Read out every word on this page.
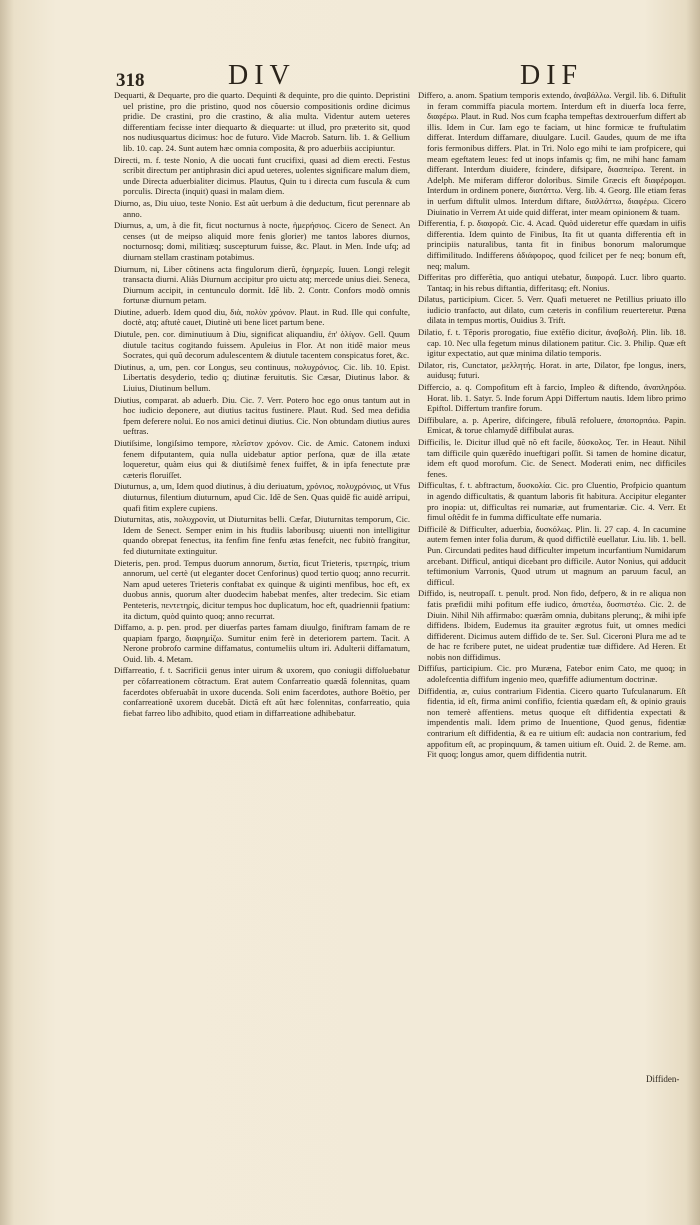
318	DIV	DIF

Dequarti, & Dequarte, pro die quarto. Dequinti & dequinte, pro die quinto. Depristini uel pristine, pro die pristino, quod nos cõuersio compositionis ordine dicimus pridie. De crastini, pro die crastino, & alia multa. Videntur autem ueteres differentiam fecisse inter diequarto & diequarte: ut illud, pro præterito sit, quod nos nudiusquartus dicimus: hoc de futuro. Vide Macrob. Saturn. lib. 1. & Gellium lib. 10. cap. 24. Sunt autem hæc omnia composita, & pro aduerbiis accipiuntur.

Directi, m. f. teste Nonio, A die uocati funt crucifixi, quasi ad diem erecti. Festus scribit directum per antiphrasin dici apud ueteres, uolentes significare malum diem, unde Directa aduerbialiter dicimus. Plautus, Quin tu i directa cum fuscula & cum porculis. Directa (inquit) quasi in malam diem.

Diurno, as, Diu uiuo, teste Nonio. Est aũt uerbum à die deductum, ficut perennare ab anno.

Diurnus, a, um, à die fit, ficut nocturnus à nocte, ἡμερήσιος. Cicero de Senect. An censes (ut de meipso aliquid more fenis glorier) me tantos labores diurnos, nocturnosq; domi, militiæq; suscepturum fuisse, &c. Plaut. in Men. Inde ufq; ad diurnam stellam crastinam potabimus.

Diurnum, ni, Liber cõtinens acta fingulorum dierũ, ἐφημερίς. Iuuen. Longi relegit transacta diurni. Aliàs Diurnum accipitur pro uictu atq; mercede unius diei. Seneca, Diurnum accipit, in centunculo dormit. Idē lib. 2. Contr. Confors modò omnis fortunæ diurnum petam.

Diutine, aduerb. Idem quod diu, διὰ, πολὺν χρόνον. Plaut. in Rud. Ille qui confulte, doctè, atq; aftutè cauet, Diutinè uti bene licet partum bene.

Diutule, pen. cor. diminutiuum à Diu, significat aliquandiu, ἐπ' ὀλίγον. Gell. Quum diutule tacitus cogitando fuissem. Apuleius in Flor. At non itidē maior meus Socrates, qui quũ decorum adulescentem & diutule tacentem conspicatus foret, &c.

Diutinus, a, um, pen. cor Longus, seu continuus, πολυχρόνιος. Cic. lib. 10. Epist. Libertatis desyderio, tedio q; diutinæ feruitutis. Sic Cæsar, Diutinus labor. & Liuius, Diutinum bellum.

Diutius, comparat. ab aduerb. Diu. Cic. 7. Verr. Potero hoc ego onus tantum aut in hoc iudicio deponere, aut diutius tacitus fustinere. Plaut. Rud. Sed mea defidia fpem deferere nolui. Eo nos amici detinui diutius. Cic. Non obtundam diutius aures ueftras.

Diutiſsime, longiſsimo tempore, πλεῖστον χρόνον. Cic. de Amic. Catonem induxi fenem difputantem, quia nulla uidebatur aptior perſona, quæ de illa ætate loqueretur, quàm eius qui & diutiſsimè fenex fuiffet, & in ipfa fenectute præ cæteris floruiſſet.

Diuturnus, a, um, Idem quod diutinus, à diu deriuatum, χρόνιος, πολυχρόνιος, ut Vfus diuturnus, filentium diuturnum, apud Cic. Idē de Sen. Quas quidē fic auidè arripui, quafi fitim explere cupiens.

Diuturnitas, atis, πολυχρονία, ut Diuturnitas belli. Cæfar, Diuturnitas temporum, Cic. Idem de Senect. Semper enim in his ftudiis laboribusq; uiuenti non intelligitur quando obrepat fenectus, ita fenfim fine fenfu ætas fenefcit, nec fubitò frangitur, fed diuturnitate extinguitur.

Dieteris, pen. prod. Tempus duorum annorum, διετία, ficut Trieteris, τριετηρίς, trium annorum, uel certè (ut eleganter docet Cenforinus) quod tertio quoq; anno recurrit. Nam apud ueteres Trieteris conftabat ex quinque & uiginti menfibus, hoc eft, ex duobus annis, quorum alter duodecim habebat menfes, alter tredecim. Sic etiam Penteteris, πεντετηρίς, dicitur tempus hoc duplicatum, hoc eft, quadriennii fpatium: ita dictum, quòd quinto quoq; anno recurrat.

Diffamo, a. p. pen. prod. per diuerfas partes famam diuulgo, finiftram famam de re quapiam fpargo, διαφημίζω. Sumitur enim ferè in deteriorem partem. Tacit. A Nerone probrofo carmine diffamatus, contumeliis ultum iri. Adulterii diffamatum, Ouid. lib. 4. Metam.

Diffarreatio, f. t. Sacrificii genus inter uirum & uxorem, quo coniugii diffoluebatur per cõfarreationem cõtractum. Erat autem Confarreatio quædã folennitas, quam facerdotes obferuabãt in uxore ducenda. Soli enim facerdotes, authore Boëtio, per confarreationẽ uxorem ducebãt. Dictã eft aũt hæc folennitas, confarreatio, quia fiebat farreo libo adhibito, quod etiam in diffarreatione adhibebatur.

Differo, a. anom. Spatium temporis extendo, ἀναβάλλω. Vergil. lib. 6. Diftulit in feram commiffa piacula mortem. Interdum eft in diuerfa loca ferre, διαφέρω. Plaut. in Rud. Nos cum fcapha tempeftas dextrouerfum differt ab illis. Idem in Cur. Iam ego te faciam, ut hinc formicæ te fruftulatim differat. Interdum diffamare, diuulgare. Lucil. Gaudes, quum de me ifta foris fermonibus differs. Plat. in Tri. Nolo ego mihi te iam profpicere, qui meam egeftatem leues: fed ut inops infamis q; fim, ne mihi hanc famam differant. Interdum diuidere, fcindere, difsipare, διασπείρω. Terent. in Adelph. Me miferam differor doloribus. Simile Græcis eft διαφέρομαι. Interdum in ordinem ponere, διατάττω. Verg. lib. 4. Georg. Ille etiam feras in uerfum diftulit ulmos. Interdum diftare, διαλλάττω, διαφέρω. Cicero Diuinatio in Verrem At uide quid differat, inter meam opinionem & tuam.

Differentia, f. p. διαφορά. Cic. 4. Acad. Quòd uideretur effe quædam in uifis differentia. Idem quinto de Finibus, Ita fit ut quanta differentia eft in principiis naturalibus, tanta fit in finibus bonorum malorumque diffimilitudo. Indifferens ἀδιάφορος, quod fcilicet per fe neq; bonum eft, neq; malum.

Differitas pro differẽtia, quo antiqui utebatur, διαφορά. Lucr. libro quarto. Tantaq; in his rebus diftantia, differitasq; eft. Nonius.

Dilatus, participium. Cicer. 5. Verr. Quafi metueret ne Petillius priuato illo iudicio tranfacto, aut dilato, cum cæteris in confilium reuerteretur. Pœna dilata in tempus mortis, Ouidius 3. Trift.

Dilatio, f. t. Tẽporis prorogatio, fiue extẽfio dicitur, ἀναβολή. Plin. lib. 18. cap. 10. Nec ulla fegetum minus dilationem patitur. Cic. 3. Philip. Quæ eft igitur expectatio, aut quæ minima dilatio temporis.

Dilator, ris, Cunctator, μελλητής. Horat. in arte, Dilator, fpe longus, iners, auidusq; futuri.

Differcio, a. q. Compofitum eft à farcio, Impleo & diftendo, ἀναπληρόω. Horat. lib. 1. Satyr. 5. Inde forum Appi Differtum nautis. Idem libro primo Epiftol. Differtum tranfire forum.

Diffibulare, a. p. Aperire, difcingere, fibulã refoluere, ἀποπορπάω. Papin. Emicat, & torue chlamydẽ diffibulat auras.

Difficilis, le. Dicitur illud quẽ nõ eft facile, δύσκολος. Ter. in Heaut. Nihil tam difficile quin quærẽdo inueftigari poſſit. Si tamen de homine dicatur, idem eft quod morofum. Cic. de Senect. Moderati enim, nec difficiles fenes.

Difficultas, f. t. abftractum, δυσκολία. Cic. pro Cluentio, Profpicio quantum in agendo difficultatis, & quantum laboris fit habitura. Accipitur eleganter pro inopia: ut, difficultas rei numariæ, aut frumentariæ. Cic. 4. Verr. Et fimul oſtẽdit fe in fumma difficultate effe numaria.

Difficilè & Difficulter, aduerbia, δυσκόλως. Plin. li. 27 cap. 4. In cacumine autem femen inter folia durum, & quod diffictilè euellatur. Liu. lib. 1. bell. Pun. Circundati pedites haud difficulter impetum incurfantium Numidarum arcebant. Difficul, antiqui dicebant pro difficile. Autor Nonius, qui adducit teftimonium Varronis, Quod utrum ut magnum an paruum facul, an difficul.

Diffido, is, neutropaſſ. t. penult. prod. Non fido, defpero, & in re aliqua non fatis præfidii mihi pofitum effe iudico, ἀπιστέω, δυσπιστέω. Cic. 2. de Diuin. Nihil Nih affirmabo: quærãm omnia, dubitans plerunq;, & mihi ipfe diffidens. Ibidem, Eudemus ita grauiter ægrotus fuit, ut omnes medici diffiderent. Dicimus autem diffido de te. Ser. Sul. Ciceroni Plura me ad te de hac re fcribere putet, ne uideat prudentiæ tuæ diffidere. Ad Heren. Et nobis non diffidimus.

Diffiſus, participium. Cic. pro Muræna, Fatebor enim Cato, me quoq; in adolefcentia diffifum ingenio meo, quæfiffe adiumentum doctrinæ.

Diffidentia, æ, cuius contrarium Fidentia. Cicero quarto Tufculanarum. Eſt fidentia, id eſt, firma animi confifio, fcientia quædam eſt, & opinio grauis non temerè affentiens. metus quoque eſt diffidentia expectati & impendentis mali. Idem primo de Inuentione, Quod genus, fidentiæ contrarium eſt diffidentia, & ea re uitium eſt: audacia non contrarium, fed appofitum eſt, ac propinquum, & tamen uitium eſt. Ouid. 2. de Reme. am. Fit quoq; longus amor, quem diffidentia nutrit.

Diffiden-
